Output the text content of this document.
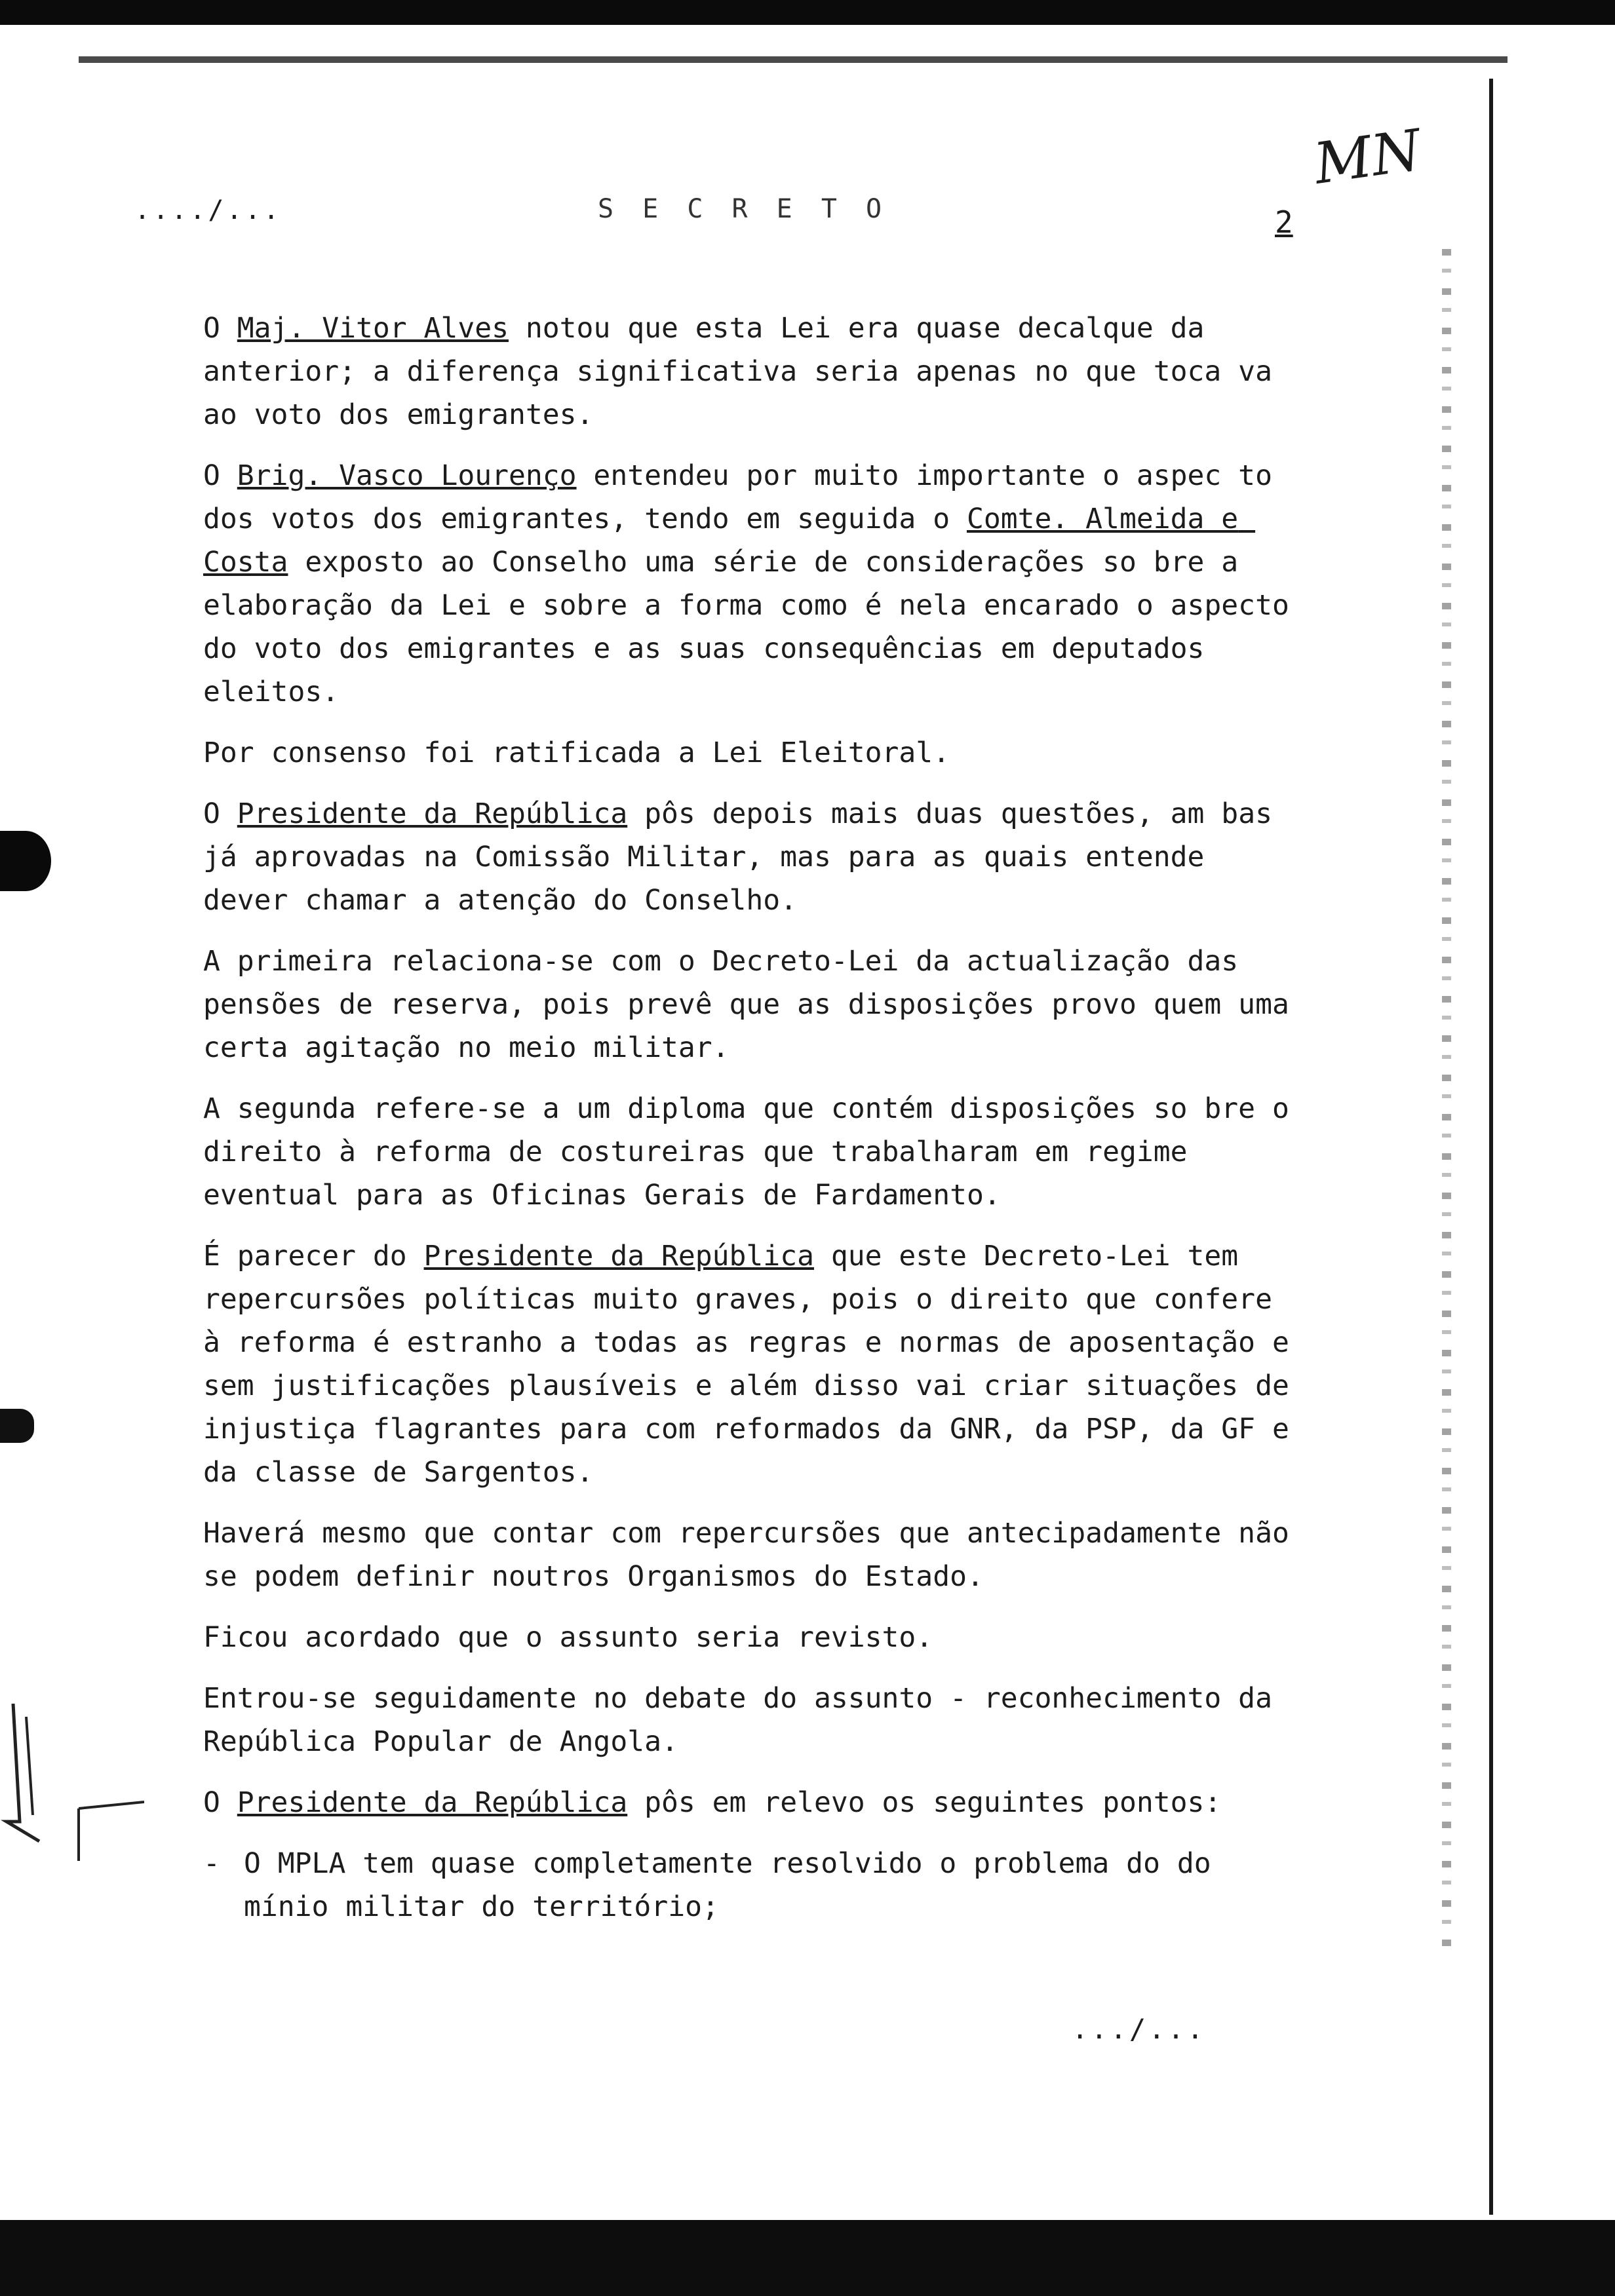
..../...	S E C R E T O	2
MN

O Maj. Vitor Alves notou que esta Lei era quase decalque da anterior; a diferença significativa seria apenas no que toca va ao voto dos emigrantes.

O Brig. Vasco Lourenço entendeu por muito importante o aspec to dos votos dos emigrantes, tendo em seguida o Comte. Almeida e Costa exposto ao Conselho uma série de considerações so bre a elaboração da Lei e sobre a forma como é nela encarado o aspecto do voto dos emigrantes e as suas consequências em deputados eleitos.

Por consenso foi ratificada a Lei Eleitoral.

O Presidente da República pôs depois mais duas questões, am bas já aprovadas na Comissão Militar, mas para as quais entende dever chamar a atenção do Conselho.

A primeira relaciona-se com o Decreto-Lei da actualização das pensões de reserva, pois prevê que as disposições provo quem uma certa agitação no meio militar.

A segunda refere-se a um diploma que contém disposições so bre o direito à reforma de costureiras que trabalharam em regime eventual para as Oficinas Gerais de Fardamento.

É parecer do Presidente da República que este Decreto-Lei tem repercursões políticas muito graves, pois o direito que confere à reforma é estranho a todas as regras e normas de aposentação e sem justificações plausíveis e além disso vai criar situações de injustiça flagrantes para com reformados da GNR, da PSP, da GF e da classe de Sargentos.

Haverá mesmo que contar com repercursões que antecipadamente não se podem definir noutros Organismos do Estado.

Ficou acordado que o assunto seria revisto.

Entrou-se seguidamente no debate do assunto - reconhecimento da República Popular de Angola.

O Presidente da República pôs em relevo os seguintes pontos:

- O MPLA tem quase completamente resolvido o problema do do mínio militar do território;
.../...
